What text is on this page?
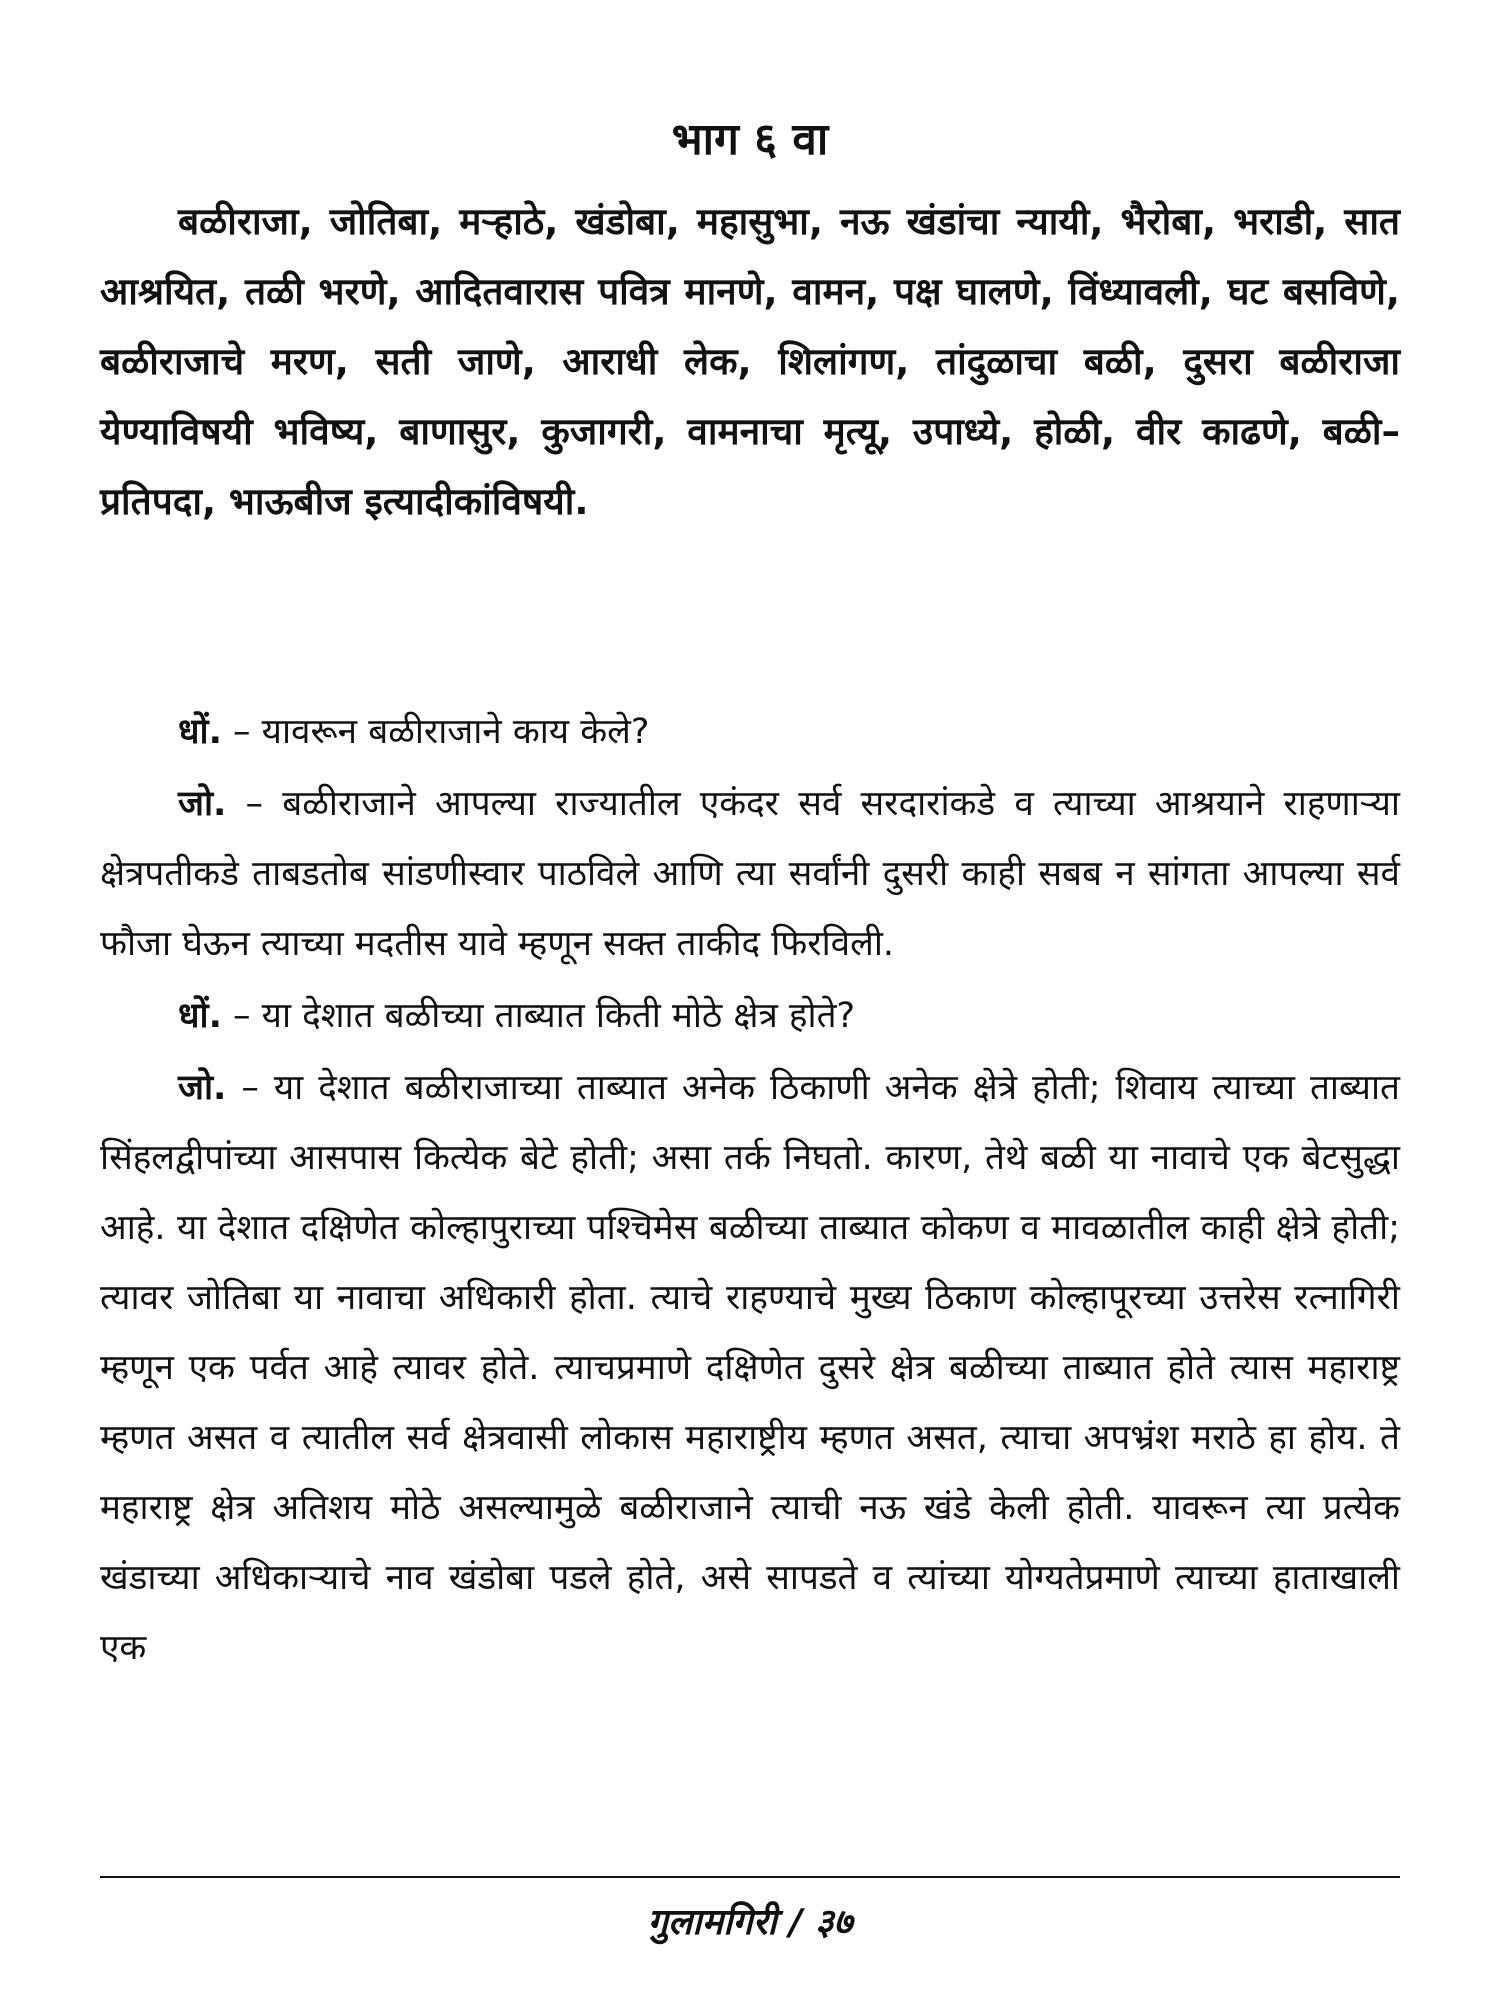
भाग ६ वा

बळीराजा, जोतिबा, मऱ्हाठे, खंडोबा, महासुभा, नऊ खंडांचा न्यायी, भैरोबा, भराडी, सात आश्रयित, तळी भरणे, आदितवारास पवित्र मानणे, वामन, पक्ष घालणे, विंध्यावली, घट बसविणे, बळीराजाचे मरण, सती जाणे, आराधी लेक, शिलांगण, तांदुळाचा बळी, दुसरा बळीराजा येण्याविषयी भविष्य, बाणासुर, कुजागरी, वामनाचा मृत्यू, उपाध्ये, होळी, वीर काढणे, बळी–प्रतिपदा, भाऊबीज इत्यादीकांविषयी.

धों. – यावरून बळीराजाने काय केले?

जो. – बळीराजाने आपल्या राज्यातील एकंदर सर्व सरदारांकडे व त्याच्या आश्रयाने राहणाऱ्या क्षेत्रपतीकडे ताबडतोब सांडणीस्वार पाठविले आणि त्या सर्वांनी दुसरी काही सबब न सांगता आपल्या सर्व फौजा घेऊन त्याच्या मदतीस यावे म्हणून सक्त ताकीद फिरविली.

धों. – या देशात बळीच्या ताब्यात किती मोठे क्षेत्र होते?

जो. – या देशात बळीराजाच्या ताब्यात अनेक ठिकाणी अनेक क्षेत्रे होती; शिवाय त्याच्या ताब्यात सिंहलद्वीपांच्या आसपास कित्येक बेटे होती; असा तर्क निघतो. कारण, तेथे बळी या नावाचे एक बेटसुद्धा आहे. या देशात दक्षिणेत कोल्हापुराच्या पश्चिमेस बळीच्या ताब्यात कोकण व मावळातील काही क्षेत्रे होती; त्यावर जोतिबा या नावाचा अधिकारी होता. त्याचे राहण्याचे मुख्य ठिकाण कोल्हापूरच्या उत्तरेस रत्नागिरी म्हणून एक पर्वत आहे त्यावर होते. त्याचप्रमाणे दक्षिणेत दुसरे क्षेत्र बळीच्या ताब्यात होते त्यास महाराष्ट्र म्हणत असत व त्यातील सर्व क्षेत्रवासी लोकास महाराष्ट्रीय म्हणत असत, त्याचा अपभ्रंश मराठे हा होय. ते महाराष्ट्र क्षेत्र अतिशय मोठे असल्यामुळे बळीराजाने त्याची नऊ खंडे केली होती. यावरून त्या प्रत्येक खंडाच्या अधिकाऱ्याचे नाव खंडोबा पडले होते, असे सापडते व त्यांच्या योग्यतेप्रमाणे त्याच्या हाताखाली एक

गुलामगिरी / ३७
